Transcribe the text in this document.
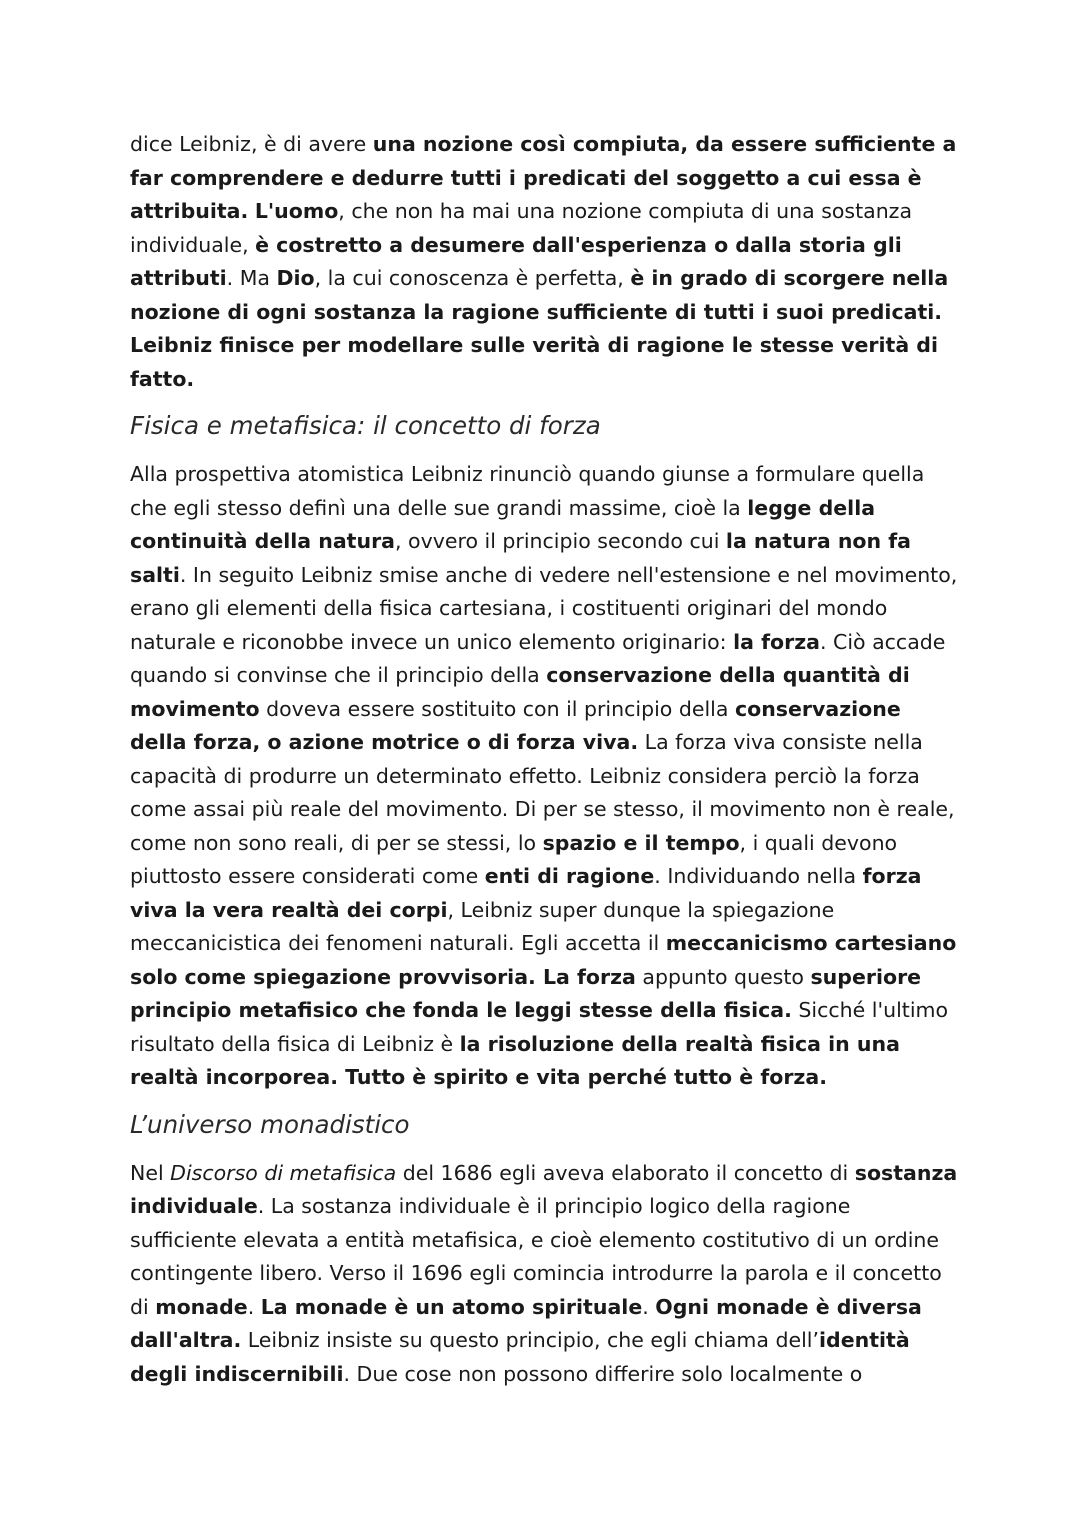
dice Leibniz, è di avere una nozione così compiuta, da essere sufficiente a far comprendere e dedurre tutti i predicati del soggetto a cui essa è attribuita. L'uomo, che non ha mai una nozione compiuta di una sostanza individuale, è costretto a desumere dall'esperienza o dalla storia gli attributi. Ma Dio, la cui conoscenza è perfetta, è in grado di scorgere nella nozione di ogni sostanza la ragione sufficiente di tutti i suoi predicati. Leibniz finisce per modellare sulle verità di ragione le stesse verità di fatto.

Fisica e metafisica: il concetto di forza

Alla prospettiva atomistica Leibniz rinunciò quando giunse a formulare quella che egli stesso definì una delle sue grandi massime, cioè la legge della continuità della natura, ovvero il principio secondo cui la natura non fa salti. In seguito Leibniz smise anche di vedere nell'estensione e nel movimento, erano gli elementi della fisica cartesiana, i costituenti originari del mondo naturale e riconobbe invece un unico elemento originario: la forza. Ciò accade quando si convinse che il principio della conservazione della quantità di movimento doveva essere sostituito con il principio della conservazione della forza, o azione motrice o di forza viva. La forza viva consiste nella capacità di produrre un determinato effetto. Leibniz considera perciò la forza come assai più reale del movimento. Di per se stesso, il movimento non è reale, come non sono reali, di per se stessi, lo spazio e il tempo, i quali devono piuttosto essere considerati come enti di ragione. Individuando nella forza viva la vera realtà dei corpi, Leibniz super dunque la spiegazione meccanicistica dei fenomeni naturali. Egli accetta il meccanicismo cartesiano solo come spiegazione provvisoria. La forza appunto questo superiore principio metafisico che fonda le leggi stesse della fisica. Sicché l'ultimo risultato della fisica di Leibniz è la risoluzione della realtà fisica in una realtà incorporea. Tutto è spirito e vita perché tutto è forza.

L’universo monadistico

Nel Discorso di metafisica del 1686 egli aveva elaborato il concetto di sostanza individuale. La sostanza individuale è il principio logico della ragione sufficiente elevata a entità metafisica, e cioè elemento costitutivo di un ordine contingente libero. Verso il 1696 egli comincia introdurre la parola e il concetto di monade. La monade è un atomo spirituale. Ogni monade è diversa dall'altra. Leibniz insiste su questo principio, che egli chiama dell’identità degli indiscernibili. Due cose non possono differire solo localmente o
